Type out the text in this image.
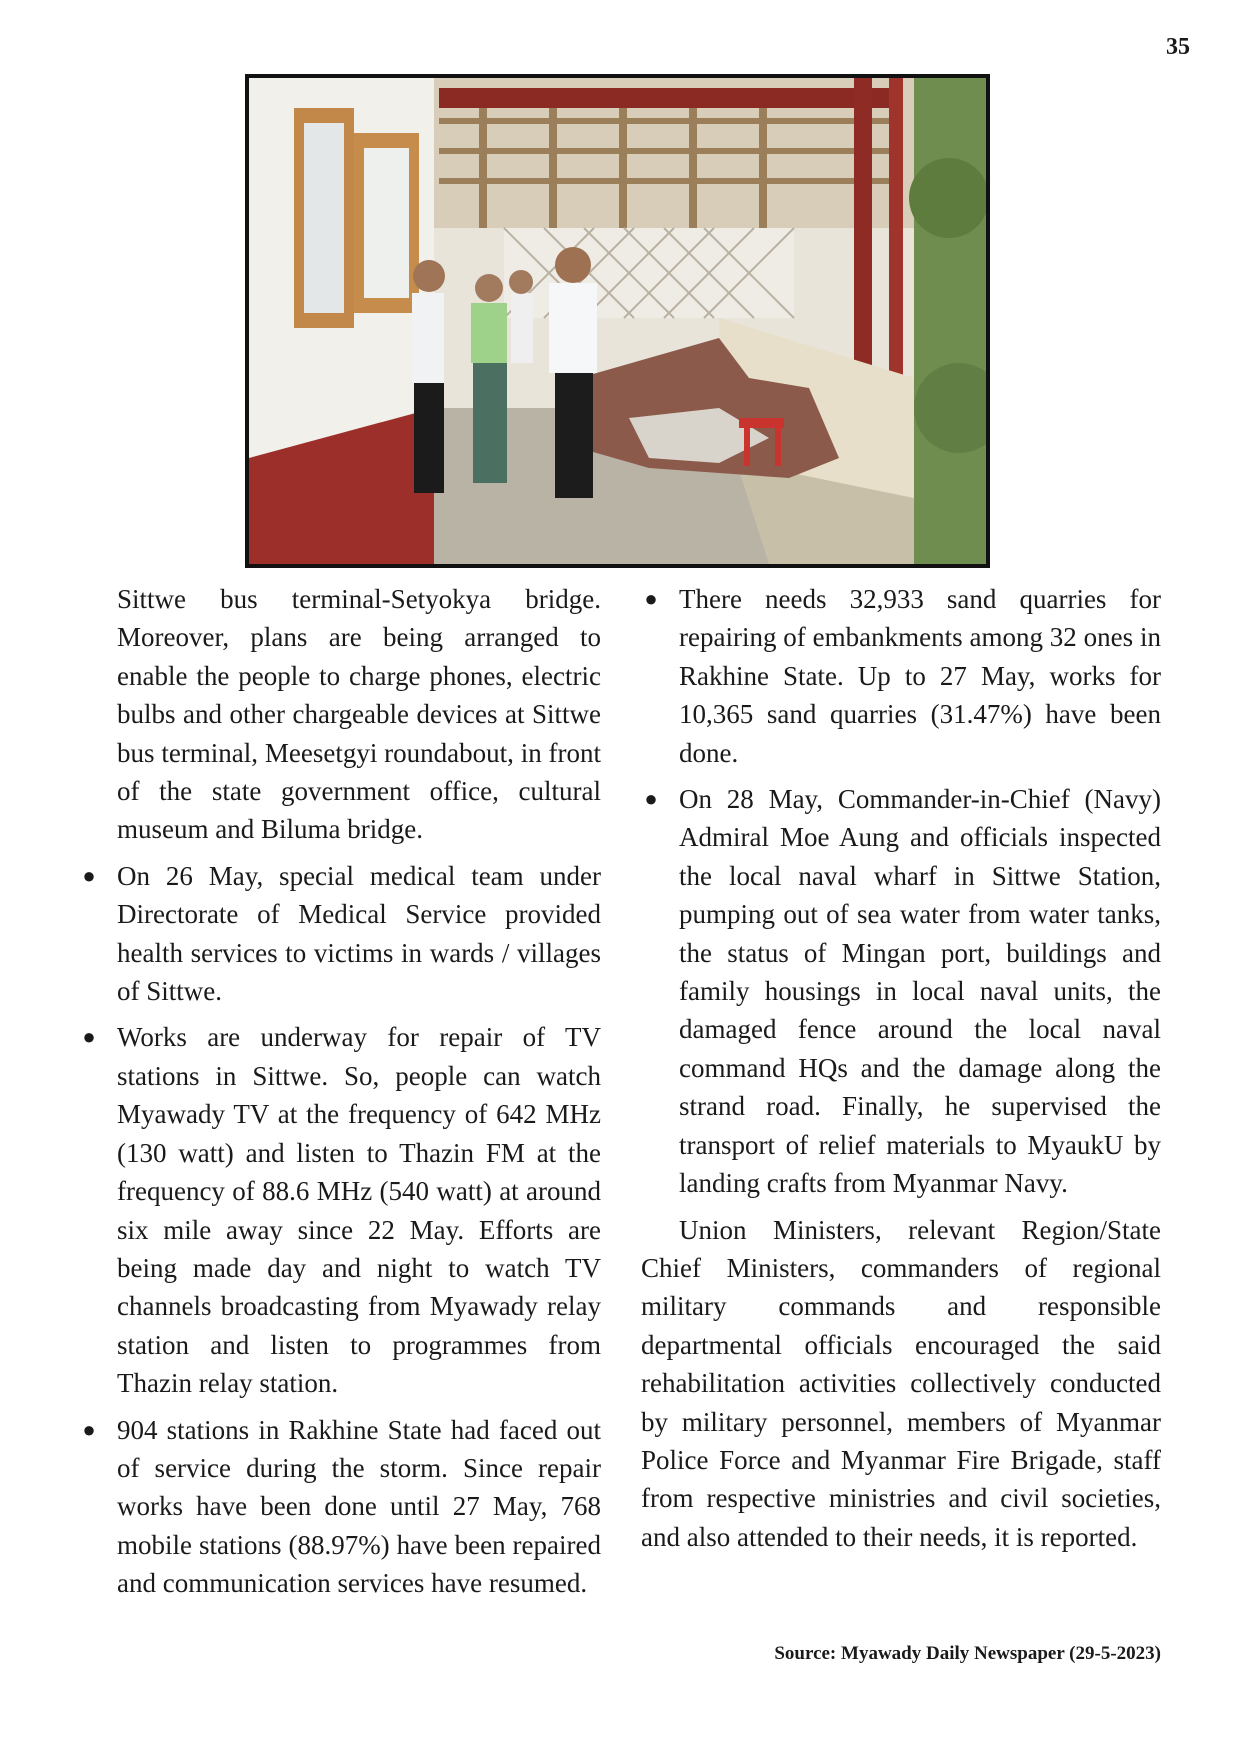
35

Sittwe bus terminal-Setyokya bridge. Moreover, plans are being arranged to enable the people to charge phones, electric bulbs and other chargeable devices at Sittwe bus terminal, Meesetgyi roundabout, in front of the state government office, cultural museum and Biluma bridge.

● On 26 May, special medical team under Directorate of Medical Service provided health services to victims in wards / villages of Sittwe.
● Works are underway for repair of TV stations in Sittwe. So, people can watch Myawady TV at the frequency of 642 MHz (130 watt) and listen to Thazin FM at the frequency of 88.6 MHz (540 watt) at around six mile away since 22 May. Efforts are being made day and night to watch TV channels broadcasting from Myawady relay station and listen to programmes from Thazin relay station.
● 904 stations in Rakhine State had faced out of service during the storm. Since repair works have been done until 27 May, 768 mobile stations (88.97%) have been repaired and communication services have resumed.
● There needs 32,933 sand quarries for repairing of embankments among 32 ones in Rakhine State. Up to 27 May, works for 10,365 sand quarries (31.47%) have been done.
● On 28 May, Commander-in-Chief (Navy) Admiral Moe Aung and officials inspected the local naval wharf in Sittwe Station, pumping out of sea water from water tanks, the status of Mingan port, buildings and family housings in local naval units, the damaged fence around the local naval command HQs and the damage along the strand road. Finally, he supervised the transport of relief materials to MyaukU by landing crafts from Myanmar Navy.

Union Ministers, relevant Region/State Chief Ministers, commanders of regional military commands and responsible departmental officials encouraged the said rehabilitation activities collectively conducted by military personnel, members of Myanmar Police Force and Myanmar Fire Brigade, staff from respective ministries and civil societies, and also attended to their needs, it is reported.

Source: Myawady Daily Newspaper (29-5-2023)
